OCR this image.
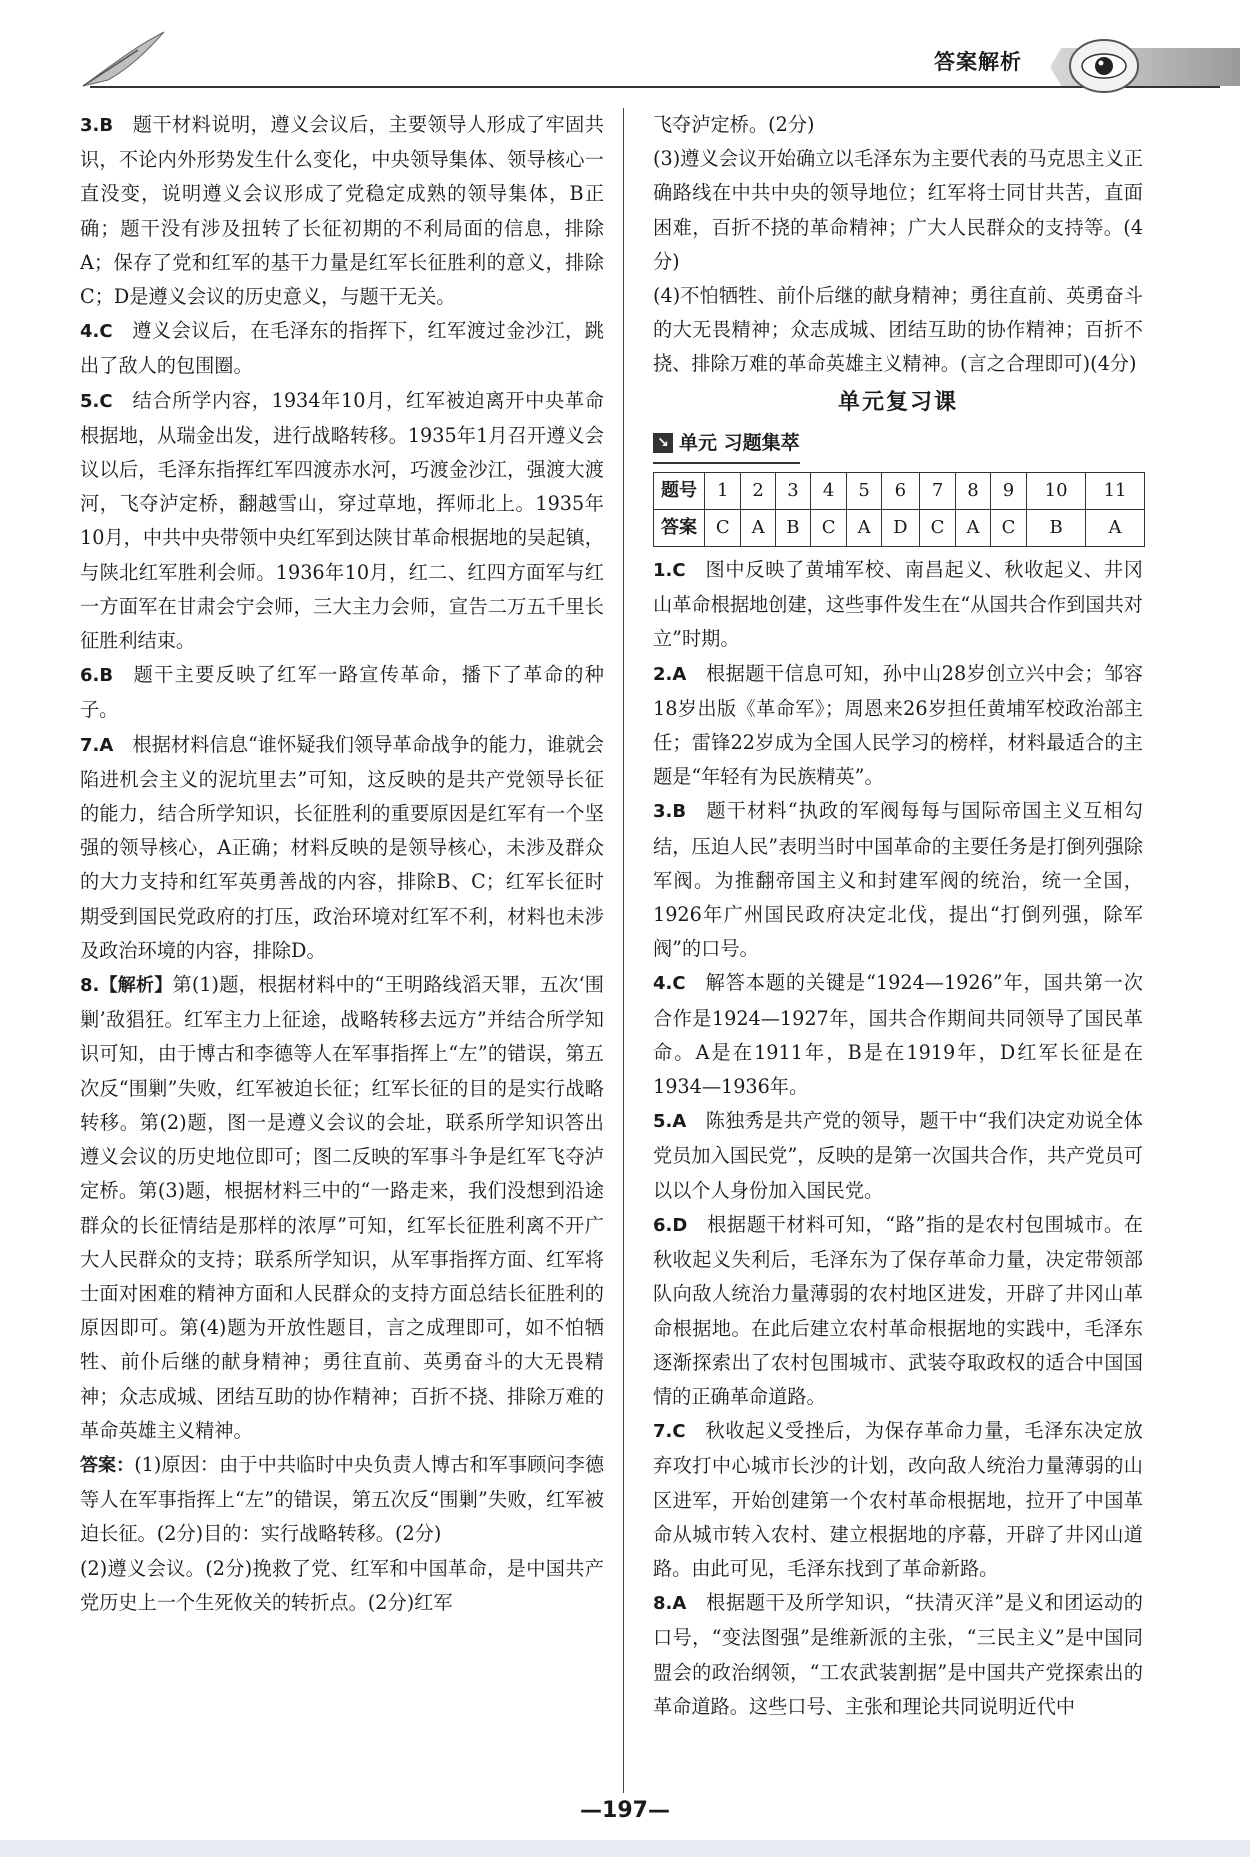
答案解析

3.B  题干材料说明，遵义会议后，主要领导人形成了牢固共识，不论内外形势发生什么变化，中央领导集体、领导核心一直没变，说明遵义会议形成了党稳定成熟的领导集体，B正确；题干没有涉及扭转了长征初期的不利局面的信息，排除A；保存了党和红军的基干力量是红军长征胜利的意义，排除C；D是遵义会议的历史意义，与题干无关。

4.C  遵义会议后，在毛泽东的指挥下，红军渡过金沙江，跳出了敌人的包围圈。

5.C  结合所学内容，1934年10月，红军被迫离开中央革命根据地，从瑞金出发，进行战略转移。1935年1月召开遵义会议以后，毛泽东指挥红军四渡赤水河，巧渡金沙江，强渡大渡河，飞夺泸定桥，翻越雪山，穿过草地，挥师北上。1935年10月，中共中央带领中央红军到达陕甘革命根据地的吴起镇，与陕北红军胜利会师。1936年10月，红二、红四方面军与红一方面军在甘肃会宁会师，三大主力会师，宣告二万五千里长征胜利结束。

6.B  题干主要反映了红军一路宣传革命，播下了革命的种子。

7.A  根据材料信息“谁怀疑我们领导革命战争的能力，谁就会陷进机会主义的泥坑里去”可知，这反映的是共产党领导长征的能力，结合所学知识，长征胜利的重要原因是红军有一个坚强的领导核心，A正确；材料反映的是领导核心，未涉及群众的大力支持和红军英勇善战的内容，排除B、C；红军长征时期受到国民党政府的打压，政治环境对红军不利，材料也未涉及政治环境的内容，排除D。

8.【解析】第(1)题，根据材料中的“王明路线滔天罪，五次‘围剿’敌猖狂。红军主力上征途，战略转移去远方”并结合所学知识可知，由于博古和李德等人在军事指挥上“左”的错误，第五次反“围剿”失败，红军被迫长征；红军长征的目的是实行战略转移。第(2)题，图一是遵义会议的会址，联系所学知识答出遵义会议的历史地位即可；图二反映的军事斗争是红军飞夺泸定桥。第(3)题，根据材料三中的“一路走来，我们没想到沿途群众的长征情结是那样的浓厚”可知，红军长征胜利离不开广大人民群众的支持；联系所学知识，从军事指挥方面、红军将士面对困难的精神方面和人民群众的支持方面总结长征胜利的原因即可。第(4)题为开放性题目，言之成理即可，如不怕牺牲、前仆后继的献身精神；勇往直前、英勇奋斗的大无畏精神；众志成城、团结互助的协作精神；百折不挠、排除万难的革命英雄主义精神。

答案：(1)原因：由于中共临时中央负责人博古和军事顾问李德等人在军事指挥上“左”的错误，第五次反“围剿”失败，红军被迫长征。(2分)目的：实行战略转移。(2分)

(2)遵义会议。(2分)挽救了党、红军和中国革命，是中国共产党历史上一个生死攸关的转折点。(2分)红军

飞夺泸定桥。(2分)

(3)遵义会议开始确立以毛泽东为主要代表的马克思主义正确路线在中共中央的领导地位；红军将士同甘共苦，直面困难，百折不挠的革命精神；广大人民群众的支持等。(4分)

(4)不怕牺牲、前仆后继的献身精神；勇往直前、英勇奋斗的大无畏精神；众志成城、团结互助的协作精神；百折不挠、排除万难的革命英雄主义精神。(言之合理即可)(4分)

单元复习课
↘ 单元 习题集萃
题号	1	2	3	4	5	6	7	8	9	10	11
答案	C	A	B	C	A	D	C	A	C	B	A

1.C  图中反映了黄埔军校、南昌起义、秋收起义、井冈山革命根据地创建，这些事件发生在“从国共合作到国共对立”时期。

2.A  根据题干信息可知，孙中山28岁创立兴中会；邹容18岁出版《革命军》；周恩来26岁担任黄埔军校政治部主任；雷锋22岁成为全国人民学习的榜样，材料最适合的主题是“年轻有为民族精英”。

3.B  题干材料“执政的军阀每每与国际帝国主义互相勾结，压迫人民”表明当时中国革命的主要任务是打倒列强除军阀。为推翻帝国主义和封建军阀的统治，统一全国，1926年广州国民政府决定北伐，提出“打倒列强，除军阀”的口号。

4.C  解答本题的关键是“1924—1926”年，国共第一次合作是1924—1927年，国共合作期间共同领导了国民革命。A是在1911年，B是在1919年，D红军长征是在1934—1936年。

5.A  陈独秀是共产党的领导，题干中“我们决定劝说全体党员加入国民党”，反映的是第一次国共合作，共产党员可以以个人身份加入国民党。

6.D  根据题干材料可知，“路”指的是农村包围城市。在秋收起义失利后，毛泽东为了保存革命力量，决定带领部队向敌人统治力量薄弱的农村地区进发，开辟了井冈山革命根据地。在此后建立农村革命根据地的实践中，毛泽东逐渐探索出了农村包围城市、武装夺取政权的适合中国国情的正确革命道路。

7.C  秋收起义受挫后，为保存革命力量，毛泽东决定放弃攻打中心城市长沙的计划，改向敌人统治力量薄弱的山区进军，开始创建第一个农村革命根据地，拉开了中国革命从城市转入农村、建立根据地的序幕，开辟了井冈山道路。由此可见，毛泽东找到了革命新路。

8.A  根据题干及所学知识，“扶清灭洋”是义和团运动的口号，“变法图强”是维新派的主张，“三民主义”是中国同盟会的政治纲领，“工农武装割据”是中国共产党探索出的革命道路。这些口号、主张和理论共同说明近代中

—197—
